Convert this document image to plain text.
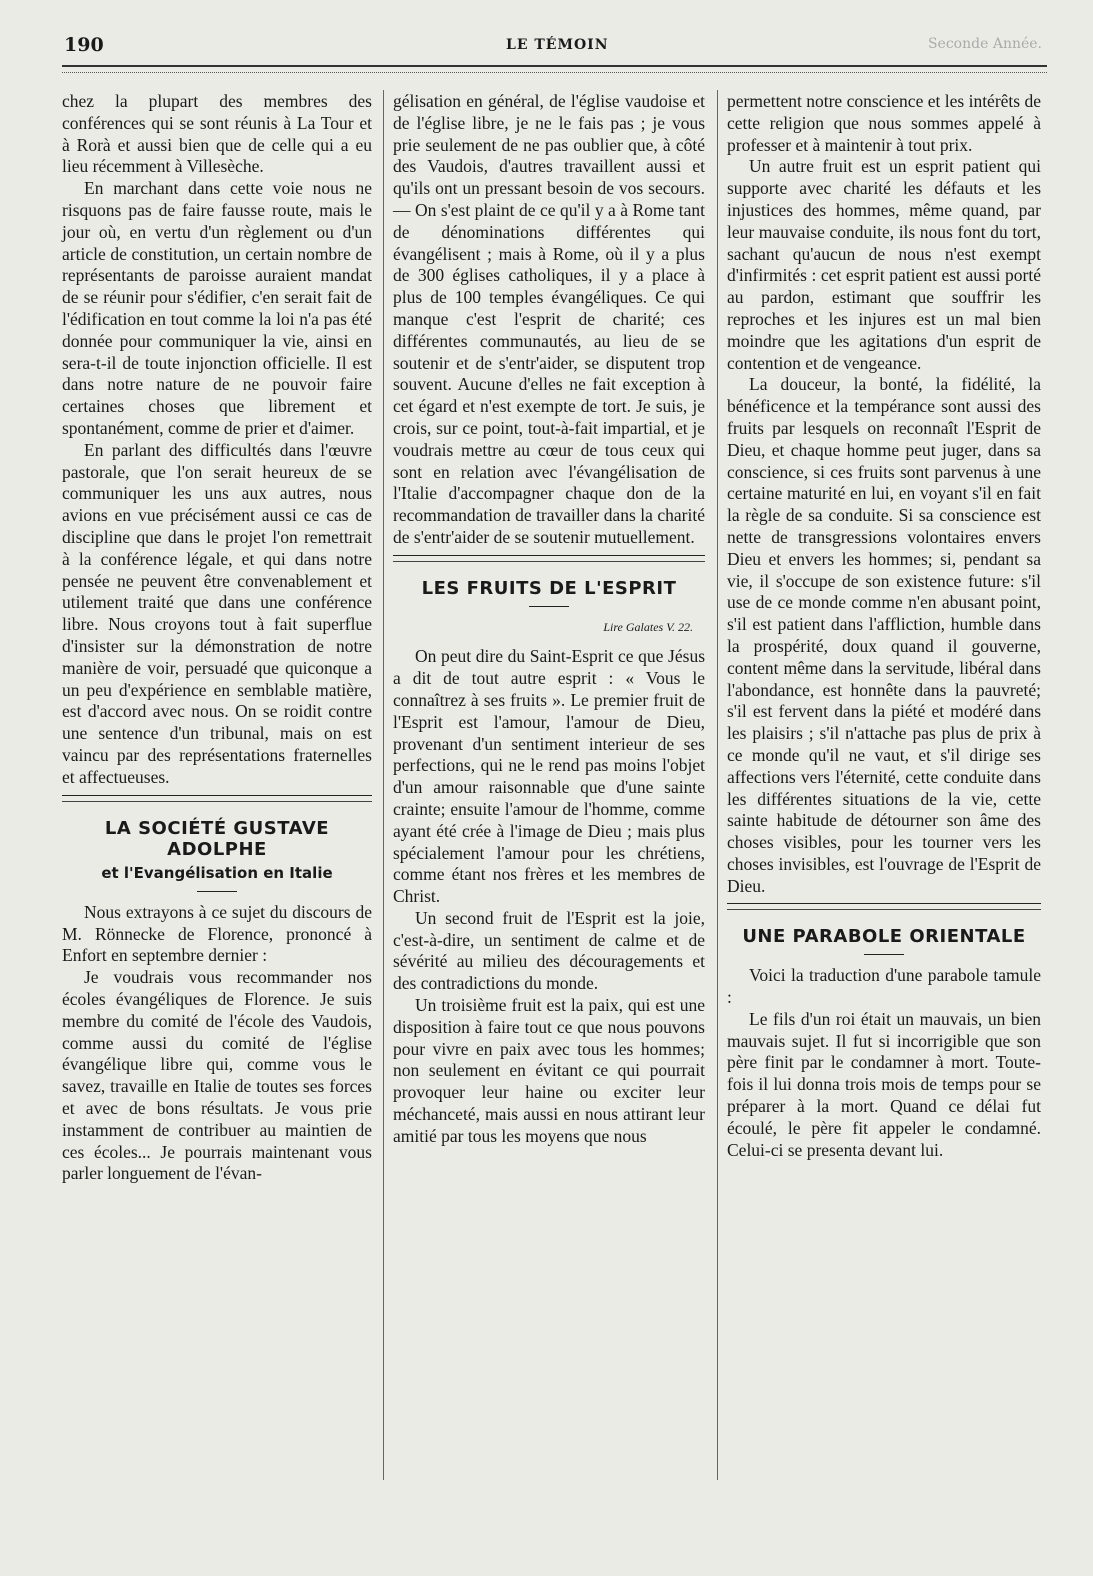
190	LE TÉMOIN	Seconde Année.

chez la plupart des membres des conférences qui se sont réunis à La Tour et à Rorà et aussi bien que de celle qui a eu lieu récemment à Villesèche.

En marchant dans cette voie nous ne risquons pas de faire fausse route, mais le jour où, en vertu d'un règlement ou d'un article de constitution, un certain nombre de représentants de paroisse auraient mandat de se réunir pour s'édifier, c'en serait fait de l'édification en tout comme la loi n'a pas été donnée pour communiquer la vie, ainsi en sera-t-il de toute injonction officielle. Il est dans notre nature de ne pouvoir faire certaines choses que librement et spontanément, comme de prier et d'aimer.

En parlant des difficultés dans l'œuvre pastorale, que l'on serait heureux de se communiquer les uns aux autres, nous avions en vue précisément aussi ce cas de discipline que dans le projet l'on remettrait à la conférence légale, et qui dans notre pensée ne peuvent être convenablement et utilement traité que dans une conférence libre. Nous croyons tout à fait superflue d'insister sur la démonstration de notre manière de voir, persuadé que quiconque a un peu d'expérience en semblable matière, est d'accord avec nous. On se roidit contre une sentence d'un tribunal, mais on est vaincu par des représentations fraternelles et affectueuses.

LA SOCIÉTÉ GUSTAVE ADOLPHE
et l'Evangélisation en Italie

Nous extrayons à ce sujet du discours de M. Rönnecke de Florence, prononcé à Enfort en septembre dernier :

Je voudrais vous recommander nos écoles évangéliques de Florence. Je suis membre du comité de l'école des Vaudois, comme aussi du comité de l'église évangélique libre qui, comme vous le savez, travaille en Italie de toutes ses forces et avec de bons résultats. Je vous prie instamment de contribuer au maintien de ces écoles... Je pourrais maintenant vous parler longuement de l'évan-

gélisation en général, de l'église vaudoise et de l'église libre, je ne le fais pas ; je vous prie seulement de ne pas oublier que, à côté des Vaudois, d'autres travaillent aussi et qu'ils ont un pressant besoin de vos secours. — On s'est plaint de ce qu'il y a à Rome tant de dénominations différentes qui évangélisent ; mais à Rome, où il y a plus de 300 églises catholiques, il y a place à plus de 100 temples évangéliques. Ce qui manque c'est l'esprit de charité; ces différentes communautés, au lieu de se soutenir et de s'entr'aider, se disputent trop souvent. Aucune d'elles ne fait exception à cet égard et n'est exempte de tort. Je suis, je crois, sur ce point, tout-à-fait impartial, et je voudrais mettre au cœur de tous ceux qui sont en relation avec l'évangélisation de l'Italie d'accompagner chaque don de la recommandation de travailler dans la charité de s'entr'aider de se soutenir mutuellement.

LES FRUITS DE L'ESPRIT
Lire Galates V. 22.

On peut dire du Saint-Esprit ce que Jésus a dit de tout autre esprit : « Vous le connaîtrez à ses fruits ». Le premier fruit de l'Esprit est l'amour, l'amour de Dieu, provenant d'un sentiment interieur de ses perfections, qui ne le rend pas moins l'objet d'un amour raisonnable que d'une sainte crainte; ensuite l'amour de l'homme, comme ayant été crée à l'image de Dieu ; mais plus spécialement l'amour pour les chrétiens, comme étant nos frères et les membres de Christ.

Un second fruit de l'Esprit est la joie, c'est-à-dire, un sentiment de calme et de sévérité au milieu des découragements et des contradictions du monde.

Un troisième fruit est la paix, qui est une disposition à faire tout ce que nous pouvons pour vivre en paix avec tous les hommes; non seulement en évitant ce qui pourrait provoquer leur haine ou exciter leur méchanceté, mais aussi en nous attirant leur amitié par tous les moyens que nous

permettent notre conscience et les intérêts de cette religion que nous sommes appelé à professer et à maintenir à tout prix.

Un autre fruit est un esprit patient qui supporte avec charité les défauts et les injustices des hommes, même quand, par leur mauvaise conduite, ils nous font du tort, sachant qu'aucun de nous n'est exempt d'infirmités : cet esprit patient est aussi porté au pardon, estimant que souffrir les reproches et les injures est un mal bien moindre que les agitations d'un esprit de contention et de vengeance.

La douceur, la bonté, la fidélité, la bénéficence et la tempérance sont aussi des fruits par lesquels on reconnaît l'Esprit de Dieu, et chaque homme peut juger, dans sa conscience, si ces fruits sont parvenus à une certaine maturité en lui, en voyant s'il en fait la règle de sa conduite. Si sa conscience est nette de transgressions volontaires envers Dieu et envers les hommes; si, pendant sa vie, il s'occupe de son existence future: s'il use de ce monde comme n'en abusant point, s'il est patient dans l'affliction, humble dans la prospérité, doux quand il gouverne, content même dans la servitude, libéral dans l'abondance, est honnête dans la pauvreté; s'il est fervent dans la piété et modéré dans les plaisirs ; s'il n'attache pas plus de prix à ce monde qu'il ne vaut, et s'il dirige ses affections vers l'éternité, cette conduite dans les différentes situations de la vie, cette sainte habitude de détourner son âme des choses visibles, pour les tourner vers les choses invisibles, est l'ouvrage de l'Esprit de Dieu.

UNE PARABOLE ORIENTALE

Voici la traduction d'une parabole tamule :

Le fils d'un roi était un mauvais, un bien mauvais sujet. Il fut si incorrigible que son père finit par le condamner à mort. Toute-fois il lui donna trois mois de temps pour se préparer à la mort. Quand ce délai fut écoulé, le père fit appeler le condamné. Celui-ci se presenta devant lui.
